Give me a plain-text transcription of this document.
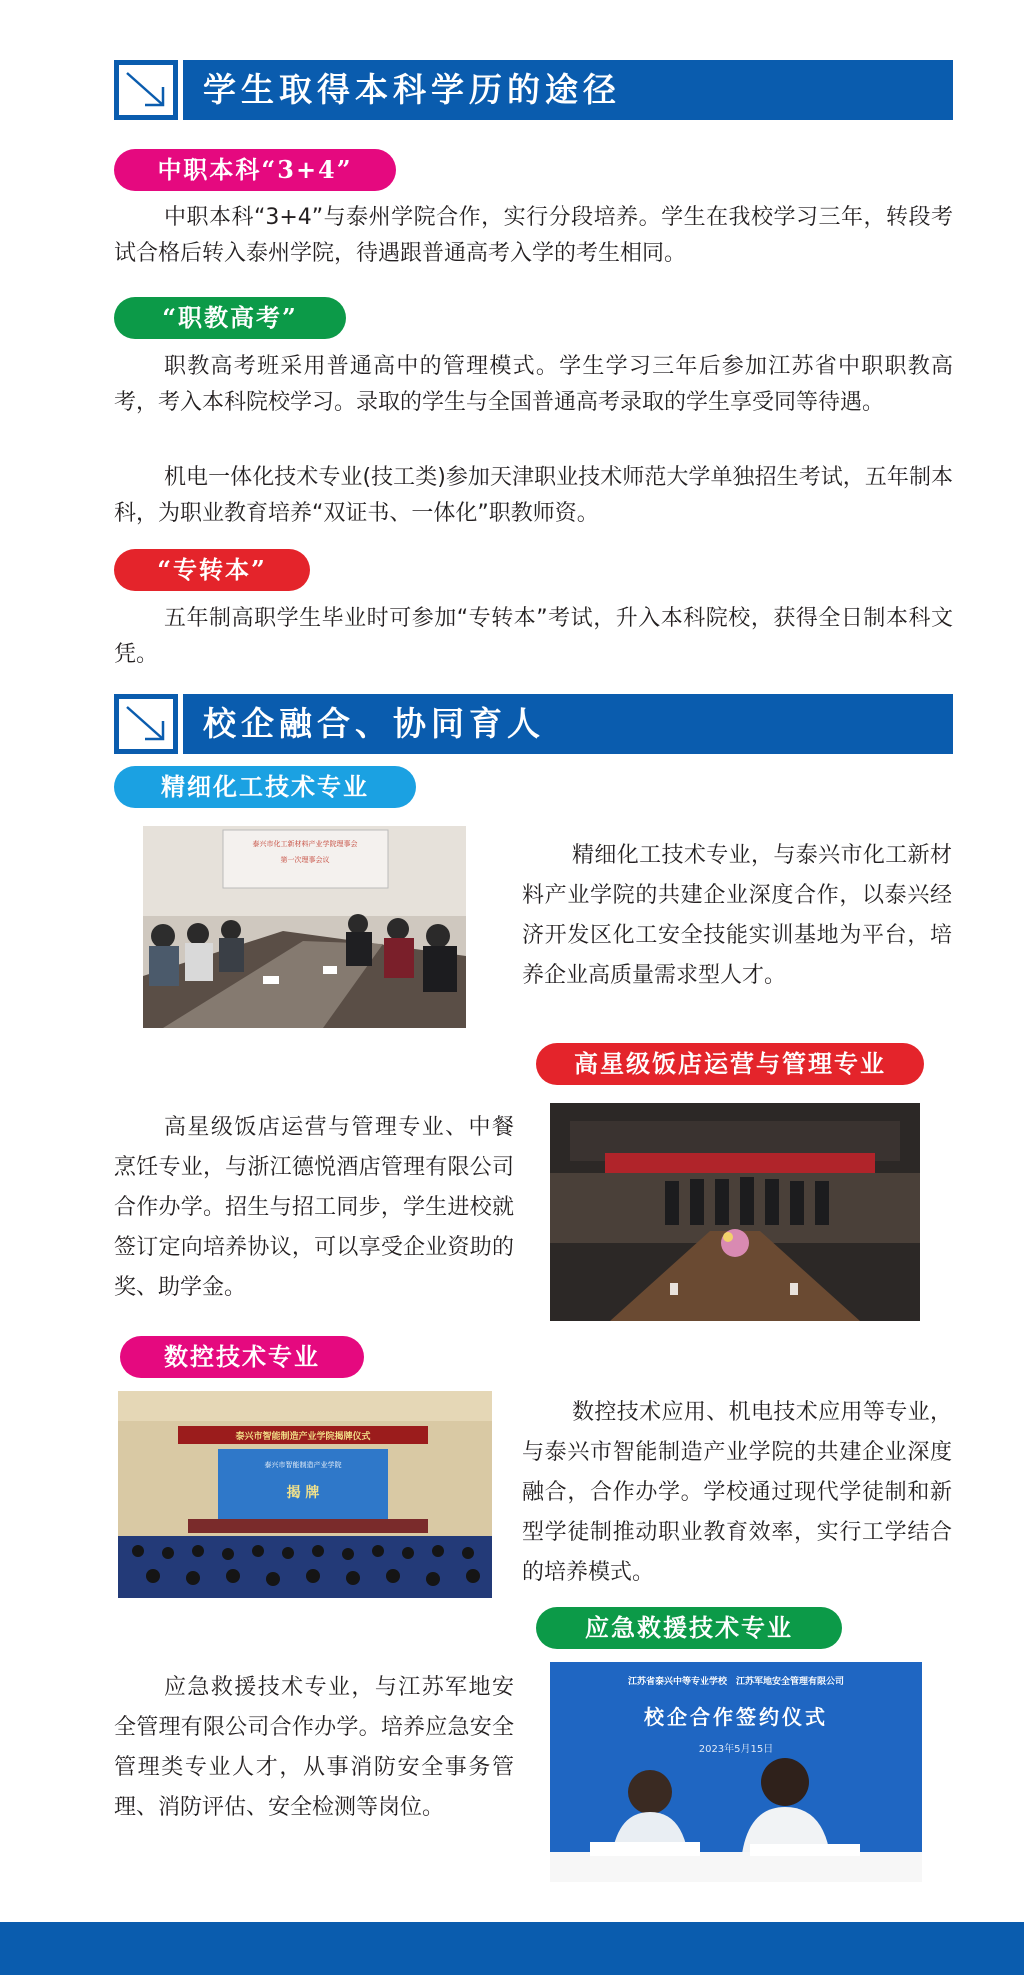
学生取得本科学历的途径
中职本科“3+4”

中职本科“3+4”与泰州学院合作，实行分段培养。学生在我校学习三年，转段考试合格后转入泰州学院，待遇跟普通高考入学的考生相同。

“职教高考”

职教高考班采用普通高中的管理模式。学生学习三年后参加江苏省中职职教高考，考入本科院校学习。录取的学生与全国普通高考录取的学生享受同等待遇。

机电一体化技术专业(技工类)参加天津职业技术师范大学单独招生考试，五年制本科，为职业教育培养“双证书、一体化”职教师资。

“专转本”

五年制高职学生毕业时可参加“专转本”考试，升入本科院校，获得全日制本科文凭。

校企融合、协同育人
精细化工技术专业
泰兴市化工新材料产业学院理事会
第一次理事会议	精细化工技术专业，与泰兴市化工新材料产业学院的共建企业深度合作，以泰兴经济开发区化工安全技能实训基地为平台，培养企业高质量需求型人才。

高星级饭店运营与管理专业

高星级饭店运营与管理专业、中餐烹饪专业，与浙江德悦酒店管理有限公司合作办学。招生与招工同步，学生进校就签订定向培养协议，可以享受企业资助的奖、助学金。

数控技术专业
泰兴市智能制造产业学院揭牌仪式
泰兴市智能制造产业学院
揭 牌

数控技术应用、机电技术应用等专业，与泰兴市智能制造产业学院的共建企业深度融合，合作办学。学校通过现代学徒制和新型学徒制推动职业教育效率，实行工学结合的培养模式。

应急救援技术专业

应急救援技术专业，与江苏军地安全管理有限公司合作办学。培养应急安全管理类专业人才，从事消防安全事务管理、消防评估、安全检测等岗位。

江苏省泰兴中等专业学校　江苏军地安全管理有限公司
校企合作签约仪式
2023年5月15日
